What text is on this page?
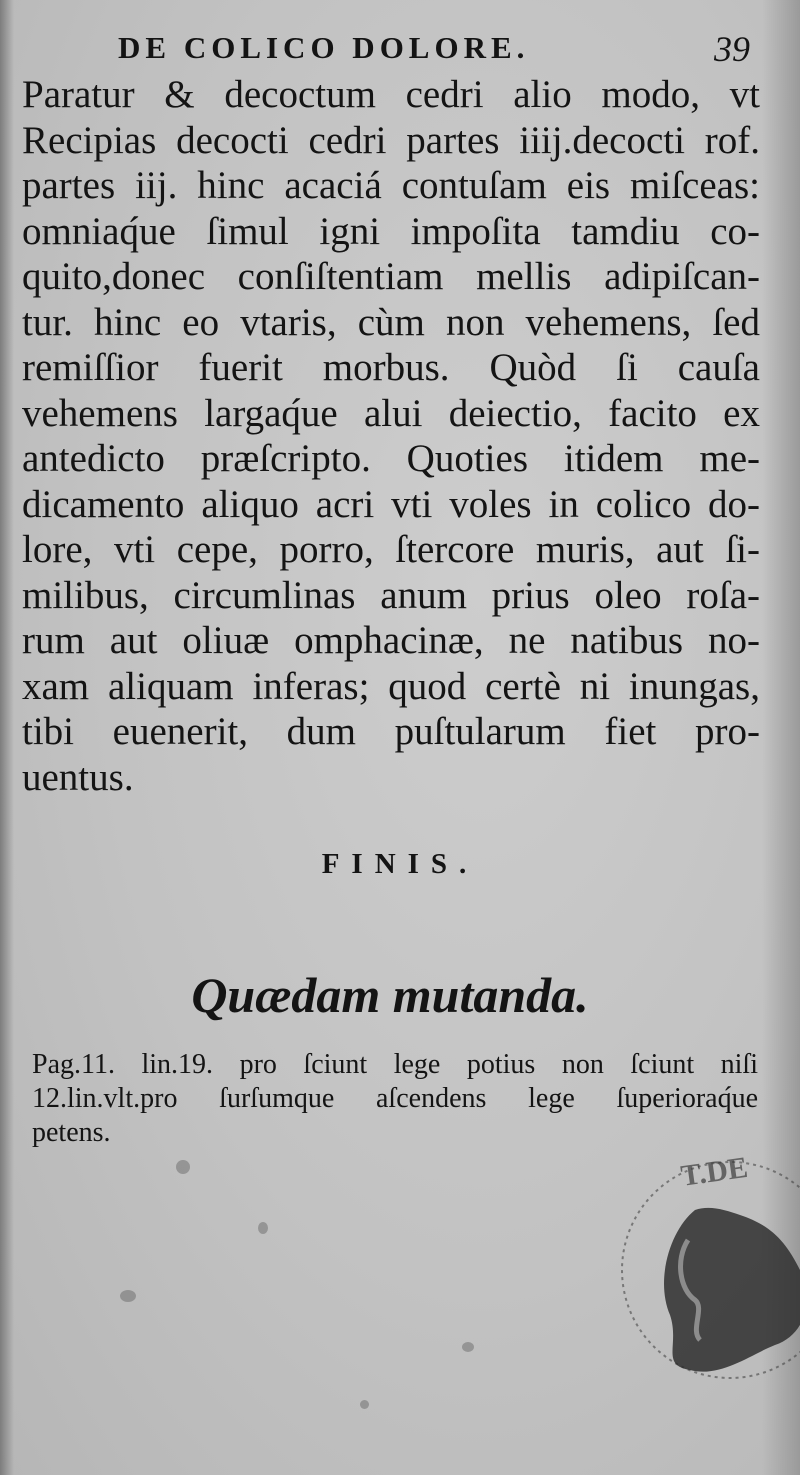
DE COLICO DOLORE.	39
Paratur & decoctum cedri alio modo, vt
Recipias decocti cedri partes iiij.decocti rof.
partes iij. hinc acaciá contuſam eis miſceas:
omniaq́ue ſimul igni impoſita tamdiu co-
quito,donec conſiſtentiam mellis adipiſcan-
tur. hinc eo vtaris, cùm non vehemens, ſed
remiſſior fuerit morbus. Quòd ſi cauſa
vehemens largaq́ue alui deiectio, facito ex
antedicto præſcripto. Quoties itidem me-
dicamento aliquo acri vti voles in colico do-
lore, vti cepe, porro, ſtercore muris, aut ſi-
milibus, circumlinas anum prius oleo roſa-
rum aut oliuæ omphacinæ, ne natibus no-
xam aliquam inferas; quod certè ni inungas,
tibi euenerit, dum puſtularum fiet pro-
uentus.
FINIS.
Quædam mutanda.
Pag.11. lin.19. pro ſciunt lege potius non ſciunt niſi
12.lin.vlt.pro ſurſumque aſcendens lege ſuperioraq́ue
petens.
T.DE
